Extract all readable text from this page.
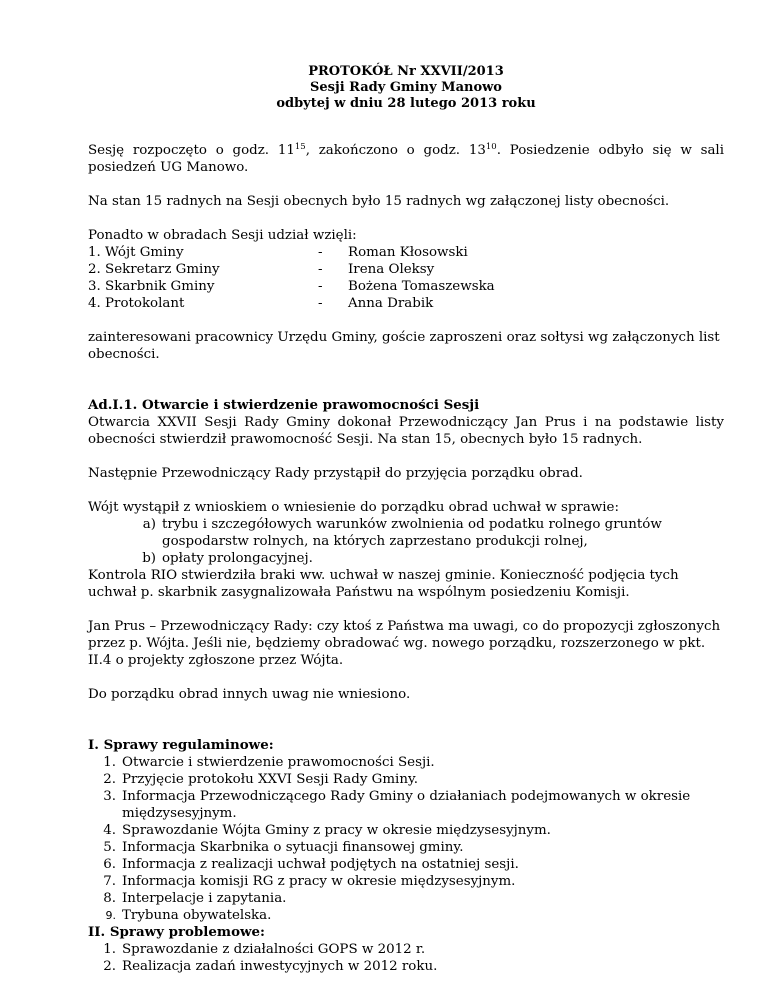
PROTOKÓŁ Nr XXVII/2013
Sesji Rady Gminy Manowo
odbytej w dniu 28 lutego 2013 roku

Sesję rozpoczęto o godz. $11^{15}$, zakończono o godz. $13^{10}$. Posiedzenie odbyło się w sali posiedzeń UG Manowo.

Na stan 15 radnych na Sesji obecnych było 15 radnych wg załączonej listy obecności.

Ponadto w obradach Sesji udział wzięli:

1. Wójt Gminy	-	Roman Kłosowski
2. Sekretarz Gminy	-	Irena Oleksy
3. Skarbnik Gminy	-	Bożena Tomaszewska
4. Protokolant	-	Anna Drabik

zainteresowani pracownicy Urzędu Gminy, goście zaproszeni oraz sołtysi wg załączonych list obecności.

Ad.I.1. Otwarcie i stwierdzenie prawomocności Sesji

Otwarcia XXVII Sesji Rady Gminy dokonał Przewodniczący Jan Prus i na podstawie listy obecności stwierdził prawomocność Sesji. Na stan 15, obecnych było 15 radnych.

Następnie Przewodniczący Rady przystąpił do przyjęcia porządku obrad.

Wójt wystąpił z wnioskiem o wniesienie do porządku obrad uchwał w sprawie:

a) trybu i szczegółowych warunków zwolnienia od podatku rolnego gruntów gospodarstw rolnych, na których zaprzestano produkcji rolnej,
b) opłaty prolongacyjnej.

Kontrola RIO stwierdziła braki ww. uchwał w naszej gminie. Konieczność podjęcia tych uchwał p. skarbnik zasygnalizowała Państwu na wspólnym posiedzeniu Komisji.

Jan Prus – Przewodniczący Rady: czy ktoś z Państwa ma uwagi, co do propozycji zgłoszonych przez p. Wójta. Jeśli nie, będziemy obradować wg. nowego porządku, rozszerzonego w pkt. II.4 o projekty zgłoszone przez Wójta.

Do porządku obrad innych uwag nie wniesiono.

I. Sprawy regulaminowe:
1. Otwarcie i stwierdzenie prawomocności Sesji.
2. Przyjęcie protokołu XXVI Sesji Rady Gminy.
3. Informacja Przewodniczącego Rady Gminy o działaniach podejmowanych w okresie międzysesyjnym.
4. Sprawozdanie Wójta Gminy z pracy w okresie międzysesyjnym.
5. Informacja Skarbnika o sytuacji finansowej gminy.
6. Informacja z realizacji uchwał podjętych na ostatniej sesji.
7. Informacja komisji RG z pracy w okresie międzysesyjnym.
8. Interpelacje i zapytania.
9. Trybuna obywatelska.
II. Sprawy problemowe:
1. Sprawozdanie z działalności GOPS w 2012 r.
2. Realizacja zadań inwestycyjnych w 2012 roku.
